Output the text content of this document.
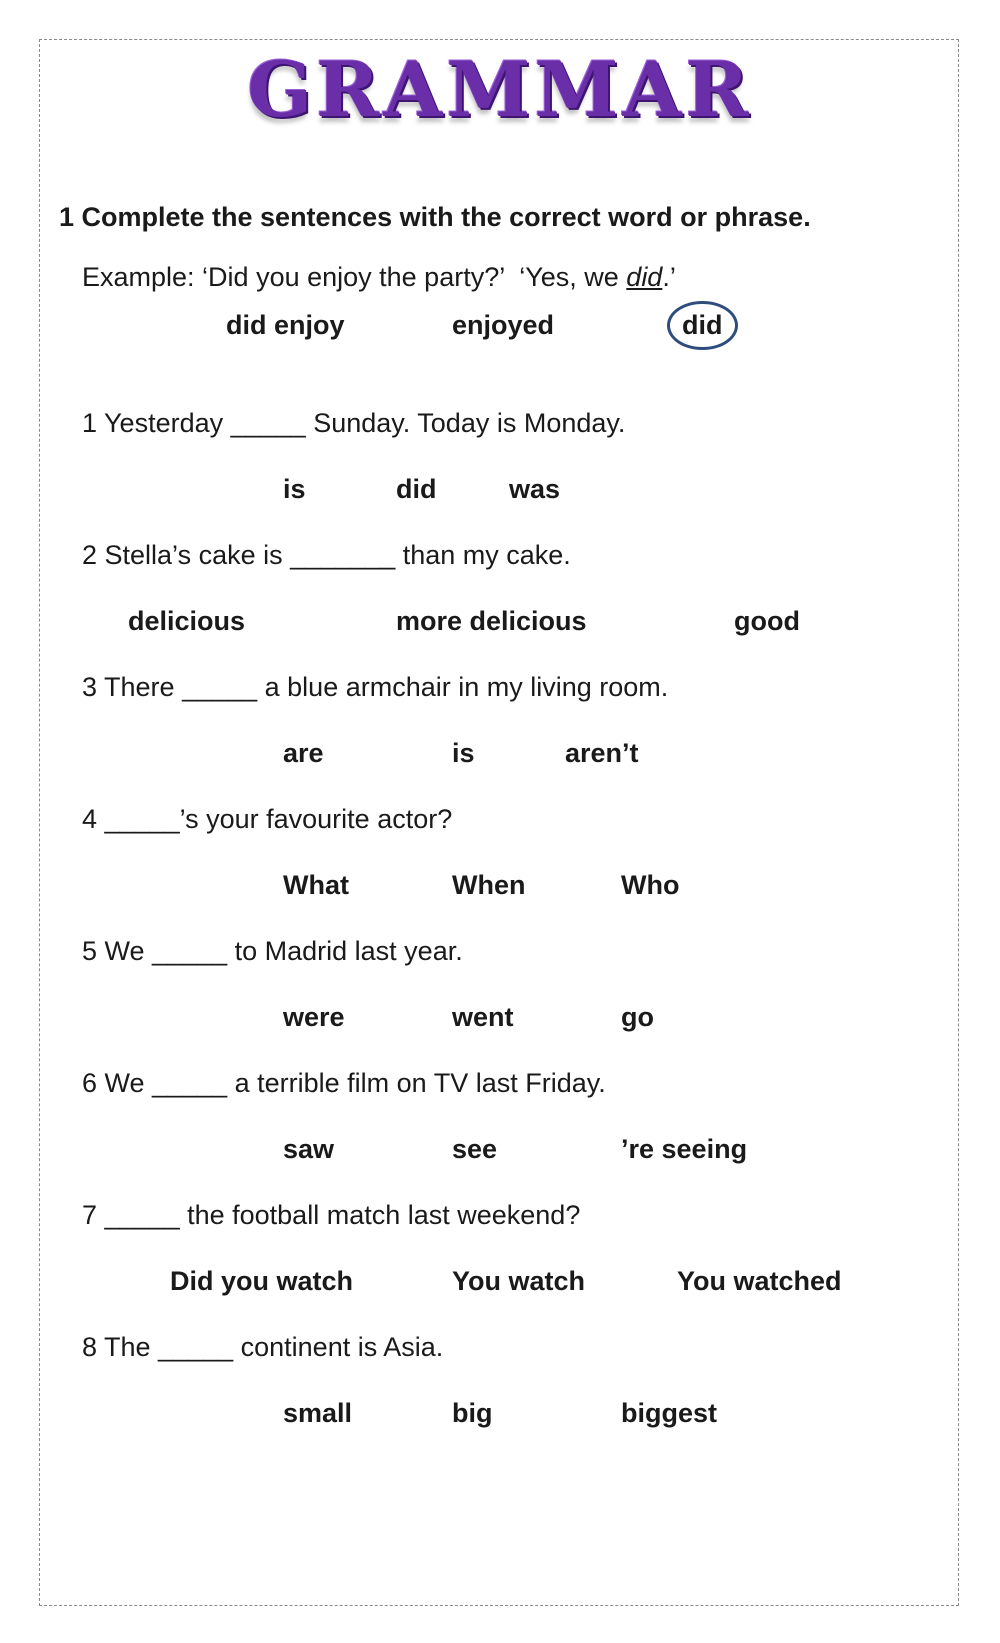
GRAMMAR
1 Complete the sentences with the correct word or phrase.
Example: ‘Did you enjoy the party?’  ‘Yes, we did.’
did enjoy	enjoyed	did
1 Yesterday _____ Sunday. Today is Monday.
is	did	was
2 Stella’s cake is _______ than my cake.
delicious	more delicious	good
3 There _____ a blue armchair in my living room.
are	is	aren’t
4 _____’s your favourite actor?
What	When	Who
5 We _____ to Madrid last year.
were	went	go
6 We _____ a terrible film on TV last Friday.
saw	see	’re seeing
7 _____ the football match last weekend?
Did you watch	You watch	You watched
8 The _____ continent is Asia.
small	big	biggest
